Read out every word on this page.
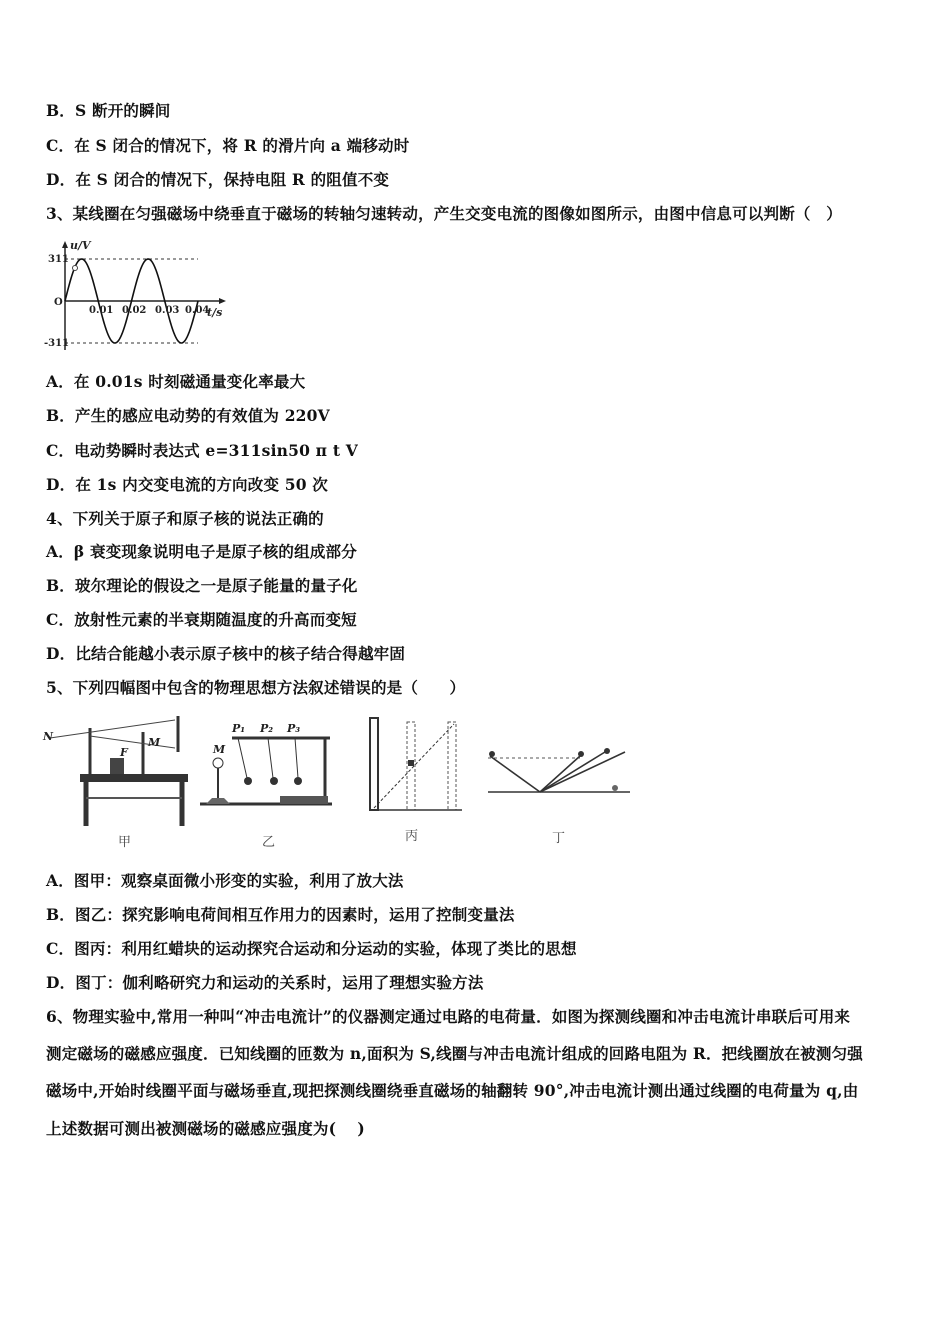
B．S 断开的瞬间
C．在 S 闭合的情况下，将 R 的滑片向 a 端移动时
D．在 S 闭合的情况下，保持电阻 R 的阻值不变
3、某线圈在匀强磁场中绕垂直于磁场的转轴匀速转动，产生交变电流的图像如图所示，由图中信息可以判断（　）
u/V
t/s
311
O
-311
0.01 0.02 0.03 0.04
A．在 0.01s 时刻磁通量变化率最大
B．产生的感应电动势的有效值为 220V
C．电动势瞬时表达式 e=311sin50 π t V
D．在 1s 内交变电流的方向改变 50 次
4、下列关于原子和原子核的说法正确的
A．β 衰变现象说明电子是原子核的组成部分
B．玻尔理论的假设之一是原子能量的量子化
C．放射性元素的半衰期随温度的升高而变短
D．比结合能越小表示原子核中的核子结合得越牢固
5、下列四幅图中包含的物理思想方法叙述错误的是（　　）
N	M
F
甲
P₁ P₂ P₃
M
乙	丙	丁
A．图甲：观察桌面微小形变的实验，利用了放大法
B．图乙：探究影响电荷间相互作用力的因素时，运用了控制变量法
C．图丙：利用红蜡块的运动探究合运动和分运动的实验，体现了类比的思想
D．图丁：伽利略研究力和运动的关系时，运用了理想实验方法
6、物理实验中,常用一种叫“冲击电流计”的仪器测定通过电路的电荷量．如图为探测线圈和冲击电流计串联后可用来
测定磁场的磁感应强度．已知线圈的匝数为 n,面积为 S,线圈与冲击电流计组成的回路电阻为 R．把线圈放在被测匀强
磁场中,开始时线圈平面与磁场垂直,现把探测线圈绕垂直磁场的轴翻转 90°,冲击电流计测出通过线圈的电荷量为 q,由
上述数据可测出被测磁场的磁感应强度为(　 )
